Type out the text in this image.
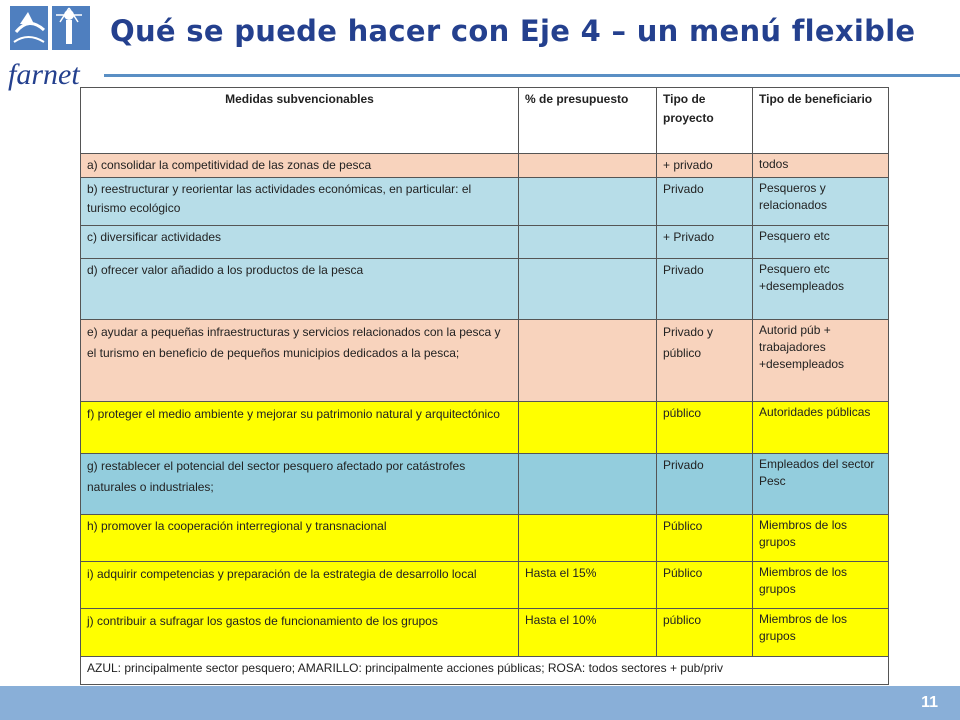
farnet
Qué se puede hacer con Eje 4 – un menú flexible
Medidas subvencionables	% de presupuesto	Tipo de proyecto	Tipo de beneficiario
a) consolidar la competitividad de las zonas de pesca		+ privado	todos
b) reestructurar y reorientar las actividades económicas, en particular: el turismo ecológico		Privado	Pesqueros y relacionados
c) diversificar actividades		+ Privado	Pesquero etc
d) ofrecer valor añadido a los productos de la pesca		Privado	Pesquero etc +desempleados
e) ayudar a pequeñas infraestructuras y servicios relacionados con la pesca y el turismo en beneficio de pequeños municipios dedicados a la pesca;		Privado y público	Autorid púb + trabajadores +desempleados
f) proteger el medio ambiente y mejorar su patrimonio natural y arquitectónico		público	Autoridades públicas
g) restablecer el potencial del sector pesquero afectado por catástrofes naturales o industriales;		Privado	Empleados del sector Pesc
h) promover la cooperación interregional y transnacional		Público	Miembros de los grupos
i) adquirir competencias y preparación de la estrategia de desarrollo local	Hasta el 15%	Público	Miembros de los grupos
j) contribuir a sufragar los gastos de funcionamiento de los grupos	Hasta el 10%	público	Miembros de los grupos
AZUL: principalmente sector pesquero; AMARILLO: principalmente acciones públicas; ROSA: todos sectores + pub/priv			
11
